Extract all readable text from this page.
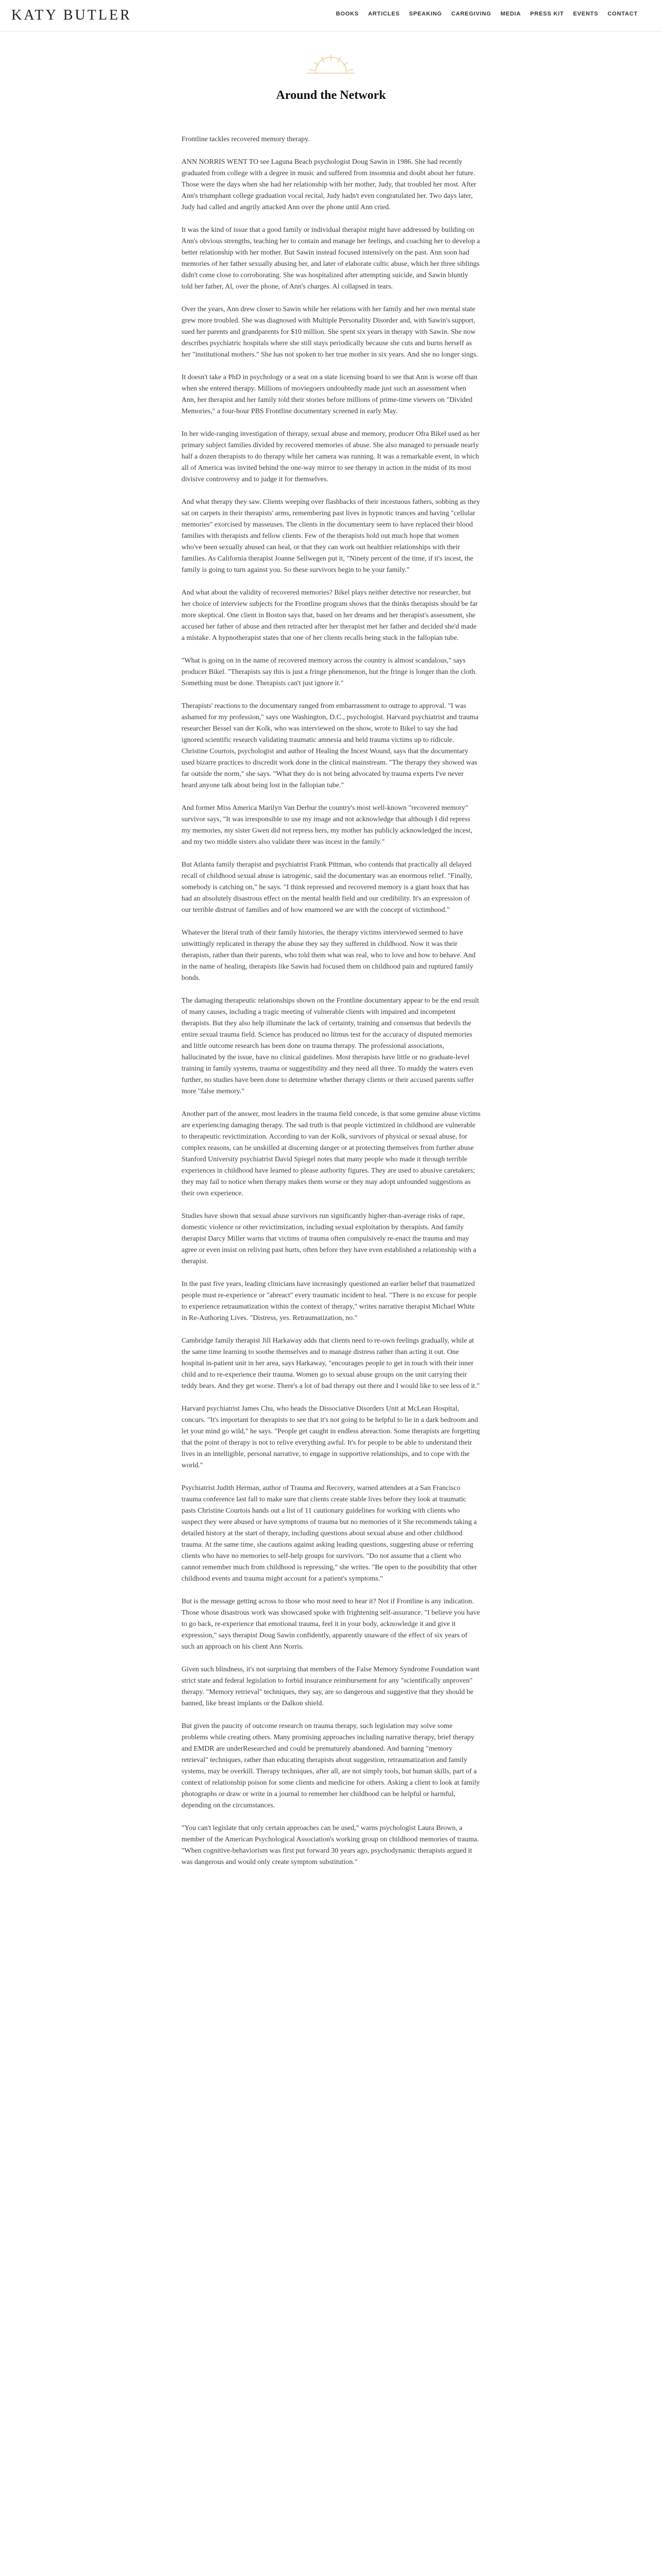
KATY BUTLER	BOOKS	ARTICLES	SPEAKING	CAREGIVING	MEDIA	PRESS KIT	EVENTS	CONTACT
Around the Network

Frontline tackles recovered memory therapy.

ANN NORRIS WENT TO see Laguna Beach psychologist Doug Sawin in 1986. She had recently graduated from college with a degree in music and suffered from insomnia and doubt about her future. Those were the days when she had her relationship with her mother, Judy, that troubled her most. After Ann's triumphant college graduation vocal recital, Judy hadn't even congratulated her. Two days later, Judy had called and angrily attacked Ann over the phone until Ann cried.

It was the kind of issue that a good family or individual therapist might have addressed by building on Ann's obvious strengths, teaching her to contain and manage her feelings, and coaching her to develop a better relationship with her mother. But Sawin instead focused intensively on the past. Ann soon had memories of her father sexually abusing her, and later of elaborate cultic abuse, which her three siblings didn't come close to corroborating. She was hospitalized after attempting suicide, and Sawin bluntly told her father, Al, over the phone, of Ann's charges. Al collapsed in tears.

Over the years, Ann drew closer to Sawin while her relations with her family and her own mental state grew more troubled. She was diagnosed with Multiple Personality Disorder and, with Sawin's support, sued her parents and grandparents for $10 million. She spent six years in therapy with Sawin. She now describes psychiatric hospitals where she still stays periodically because she cuts and burns herself as her "institutional mothers." She has not spoken to her true mother in six years. And she no longer sings.

It doesn't take a PhD in psychology or a seat on a state licensing board to see that Ann is worse off than when she entered therapy. Millions of moviegoers undoubtedly made just such an assessment when Ann, her therapist and her family told their stories before millions of prime-time viewers on "Divided Memories," a four-hour PBS Frontline documentary screened in early May.

In her wide-ranging investigation of therapy, sexual abuse and memory, producer Ofra Bikel used as her primary subject families divided by recovered memories of abuse. She also managed to persuade nearly half a dozen therapists to do therapy while her camera was running. It was a remarkable event, in which all of America was invited behind the one-way mirror to see therapy in action in the midst of its most divisive controversy and to judge it for themselves.

And what therapy they saw. Clients weeping over flashbacks of their incestuous fathers, sobbing as they sat on carpets in their therapists' arms, remembering past lives in hypnotic trances and having "cellular memories" exorcised by masseuses. The clients in the documentary seem to have replaced their blood families with therapists and fellow clients. Few of the therapists hold out much hope that women who've been sexually abused can heal, or that they can work out healthier relationships with their families. As California therapist Joanne Sellwegen put it, "Ninety percent of the time, if it's incest, the family is going to turn against you. So these survivors begin to be your family."

And what about the validity of recovered memories? Bikel plays neither detective nor researcher, but her choice of interview subjects for the Frontline program shows that the thinks therapists should be far more skeptical. One client in Boston says that, based on her dreams and her therapist's assessment, she accused her father of abuse and then retracted after her therapist met her father and decided she'd made a mistake. A hypnotherapist states that one of her clients recalls being stuck in the fallopian tube.

"What is going on in the name of recovered memory across the country is almost scandalous," says producer Bikel. "Therapists say this is just a fringe phenomenon, but the fringe is longer than the cloth. Something must be done. Therapists can't just ignore it."

Therapists' reactions to the documentary ranged from embarrassment to outrage to approval. "I was ashamed for my profession," says one Washington, D.C., psychologist. Harvard psychiatrist and trauma researcher Bessel van der Kolk, who was interviewed on the show, wrote to Bikel to say she had ignored scientific research validating traumatic amnesia and held trauma victims up to ridicule. Christine Courtois, psychologist and author of Healing the Incest Wound, says that the documentary used bizarre practices to discredit work done in the clinical mainstream. "The therapy they showed was far outside the norm," she says. "What they do is not being advocated by trauma experts I've never heard anyone talk about being lost in the fallopian tube."

And former Miss America Marilyn Van Derbur the country's most well-known "recovered memory" survivor says, "It was irresponsible to use my image and not acknowledge that although I did repress my memories, my sister Gwen did not repress hers, my mother has publicly acknowledged the incest, and my two middle sisters also validate there was incest in the family."

But Atlanta family therapist and psychiatrist Frank Pittman, who contends that practically all delayed recall of childhood sexual abuse is iatrogenic, said the documentary was an enormous relief. "Finally, somebody is catching on," he says. "I think repressed and recovered memory is a giant hoax that has had an absolutely disastrous effect on the mental health field and our credibility. It's an expression of our terrible distrust of families and of how enamored we are with the concept of victimhood."

Whatever the literal truth of their family histories, the therapy victims interviewed seemed to have unwittingly replicated in therapy the abuse they say they suffered in childhood. Now it was their therapists, rather than their parents, who told them what was real, who to love and how to behave. And in the name of healing, therapists like Sawin had focused them on childhood pain and ruptured family bonds.

The damaging therapeutic relationships shown on the Frontline documentary appear to be the end result of many causes, including a tragic meeting of vulnerable clients with impaired and incompetent therapists. But they also help illuminate the lack of certainty, training and consensus that bedevils the entire sexual trauma field. Science has produced no litmus test for the accuracy of disputed memories and little outcome research has been done on trauma therapy. The professional associations, hallucinated by the issue, have no clinical guidelines. Most therapists have little or no graduate-level training in family systems, trauma or suggestibility and they need all three. To muddy the waters even further, no studies have been done to determine whether therapy clients or their accused parents suffer more "false memory."

Another part of the answer, most leaders in the trauma field concede, is that some genuine abuse victims are experiencing damaging therapy. The sad truth is that people victimized in childhood are vulnerable to therapeutic revictimization. According to van der Kolk, survivors of physical or sexual abuse, for complex reasons, can be unskilled at discerning danger or at protecting themselves from further abuse Stanford University psychiatrist David Spiegel notes that many people who made it through terrible experiences in childhood have learned to please authority figures. They are used to abusive caretakers; they may fail to notice when therapy makes them worse or they may adopt unfounded suggestions as their own experience.

Studies have shown that sexual abuse survivors run significantly higher-than-average risks of rape, domestic violence or other revictimization, including sexual exploitation by therapists. And family therapist Darcy Miller warns that victims of trauma often compulsively re-enact the trauma and may agree or even insist on reliving past hurts, often before they have even established a relationship with a therapist.

In the past five years, leading clinicians have increasingly questioned an earlier belief that traumatized people must re-experience or "abreact" every traumatic incident to heal. "There is no excuse for people to experience retraumatization within the context of therapy," writes narrative therapist Michael White in Re-Authoring Lives. "Distress, yes. Retraumatization, no."

Cambridge family therapist Jill Harkaway adds that clients need to re-own feelings gradually, while at the same time learning to soothe themselves and to manage distress rather than acting it out. One hospital in-patient unit in her area, says Harkaway, "encourages people to get in touch with their inner child and to re-experience their trauma. Women go to sexual abuse groups on the unit carrying their teddy bears. And they get worse. There's a lot of bad therapy out there and I would like to see less of it."

Harvard psychiatrist James Chu, who heads the Dissociative Disorders Unit at McLean Hospital, concurs. "It's important for therapists to see that it's not going to be helpful to lie in a dark bedroom and let your mind go wild," he says. "People get caught in endless abreaction. Some therapists are forgetting that the point of therapy is not to relive everything awful. It's for people to be able to understand their lives in an intelligible, personal narrative, to engage in supportive relationships, and to cope with the world."

Psychiatrist Judith Herman, author of Trauma and Recovery, warned attendees at a San Francisco trauma conference last fall to make sure that clients create stable lives before they look at traumatic pasts Christine Courtois hands out a list of 11 cautionary guidelines for working with clients who suspect they were abused or have symptoms of trauma but no memories of it She recommends taking a detailed history at the start of therapy, including questions about sexual abuse and other childhood trauma. At the same time, she cautions against asking leading questions, suggesting abuse or referring clients who have no memories to self-help groups for survivors. "Do not assume that a client who cannot remember much from childhood is repressing," she writes. "Be open to the possibility that other childhood events and trauma might account for a patient's symptoms."

But is the message getting across to those who most need to hear it? Not if Frontline is any indication. Those whose disastrous work was showcased spoke with frightening self-assurance. "I believe you have to go back, re-experience that emotional trauma, feel it in your body, acknowledge it and give it expression," says therapist Doug Sawin confidently, apparently unaware of the effect of six years of such an approach on his client Ann Norris.

Given such blindness, it's not surprising that members of the False Memory Syndrome Foundation want strict state and federal legislation to forbid insurance reimbursement for any "scientifically unproven" therapy. "Memory retrieval" techniques, they say, are so dangerous and suggestive that they should be banned, like breast implants or the Dalkon shield.

But given the paucity of outcome research on trauma therapy, such legislation may solve some problems while creating others. Many promising approaches including narrative therapy, brief therapy and EMDR are underResearched and could be prematurely abandoned. And banning "memory retrieval" techniques, rather than educating therapists about suggestion, retraumatization and family systems, may be overkill. Therapy techniques, after all, are not simply tools, but human skills, part of a context of relationship poison for some clients and medicine for others. Asking a client to look at family photographs or draw or write in a journal to remember her childhood can be helpful or harmful, depending on the circumstances.

"You can't legislate that only certain approaches can be used," warns psychologist Laura Brown, a member of the American Psychological Association's working group on childhood memories of trauma. "When cognitive-behaviorism was first put forward 30 years ago, psychodynamic therapists argued it was dangerous and would only create symptom substitution."
